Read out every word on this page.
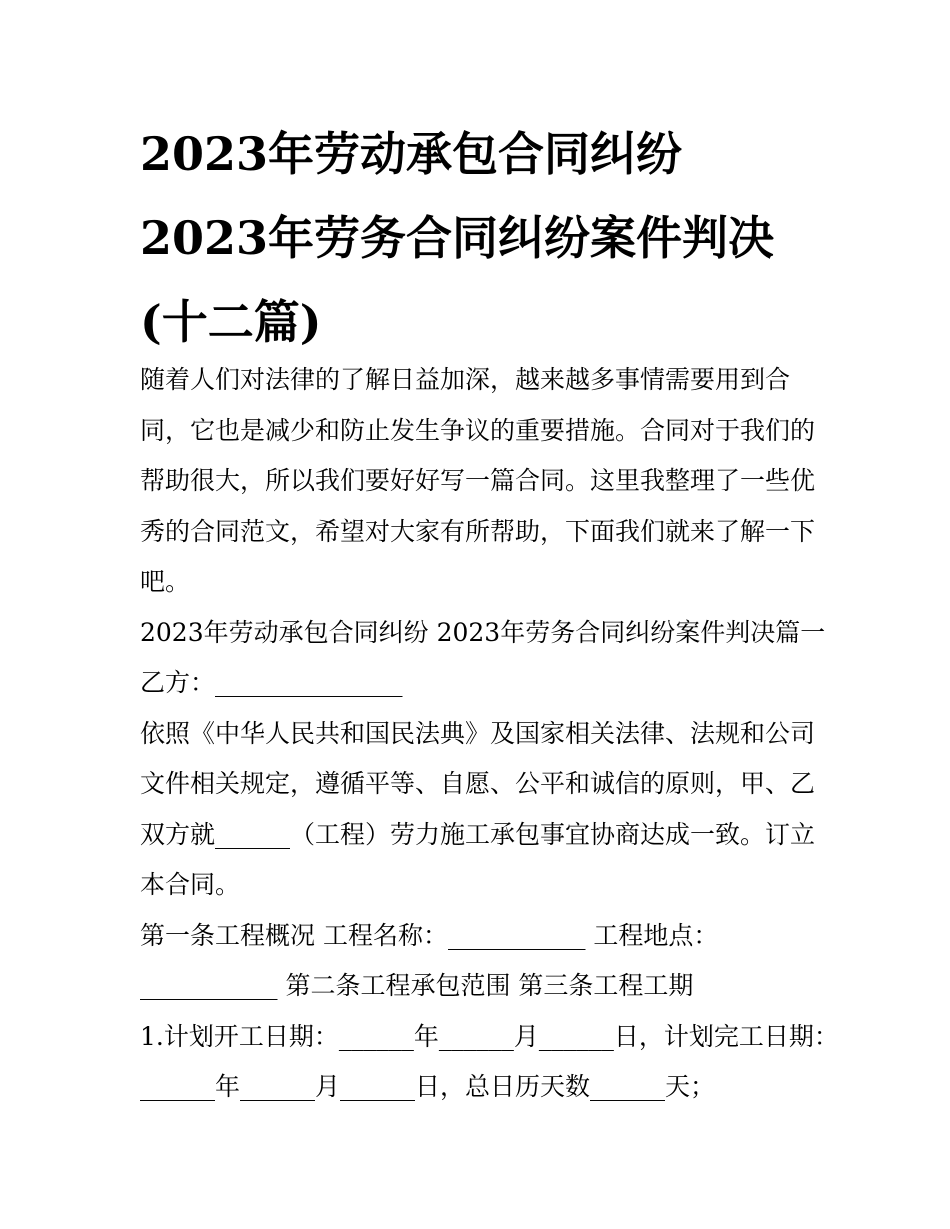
2023年劳动承包合同纠纷
2023年劳务合同纠纷案件判决
(十二篇)
随着人们对法律的了解日益加深，越来越多事情需要用到合
同，它也是减少和防止发生争议的重要措施。合同对于我们的
帮助很大，所以我们要好好写一篇合同。这里我整理了一些优
秀的合同范文，希望对大家有所帮助，下面我们就来了解一下
吧。
2023年劳动承包合同纠纷 2023年劳务合同纠纷案件判决篇一
乙方：_______________
依照《中华人民共和国民法典》及国家相关法律、法规和公司
文件相关规定，遵循平等、自愿、公平和诚信的原则，甲、乙
双方就______（工程）劳力施工承包事宜协商达成一致。订立
本合同。
第一条工程概况 工程名称：___________ 工程地点：
___________ 第二条工程承包范围 第三条工程工期
1.计划开工日期：______年______月______日，计划完工日期：
______年______月______日，总日历天数______天；
